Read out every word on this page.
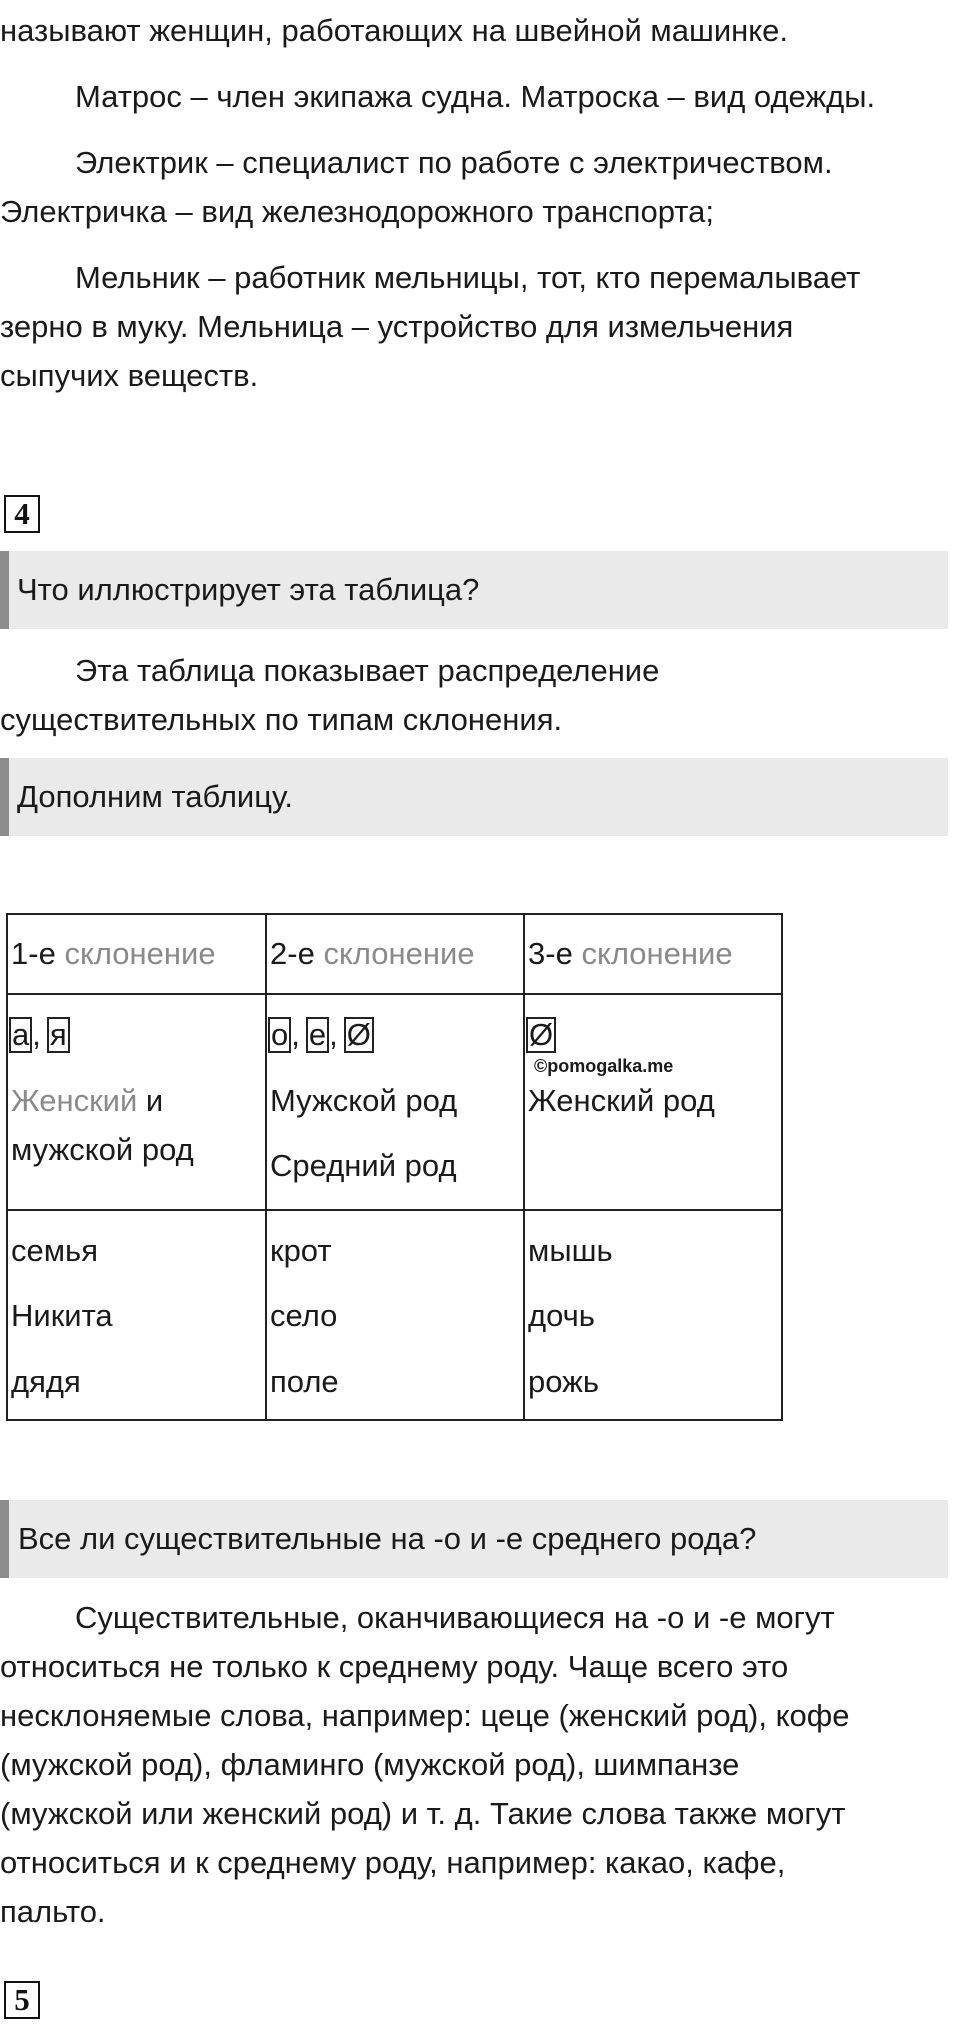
называют женщин, работающих на швейной машинке.
Матрос – член экипажа судна. Матроска – вид одежды.
Электрик – специалист по работе с электричеством.
Электричка – вид железнодорожного транспорта;
Мельник – работник мельницы, тот, кто перемалывает
зерно в муку. Мельница – устройство для измельчения
сыпучих веществ.
4
Что иллюстрирует эта таблица?
Эта таблица показывает распределение
существительных по типам склонения.
Дополним таблицу.
1-е склонение 2-е склонение 3-е склонение
а, я	о, е, Ø	Ø
©pomogalka.me
Женский и
мужской род
Мужской род
Средний род
Женский род
семья
Никита
дядя
крот
село
поле
мышь
дочь
рожь
Все ли существительные на -о и -е среднего рода?
Существительные, оканчивающиеся на -о и -е могут
относиться не только к среднему роду. Чаще всего это
несклоняемые слова, например: цеце (женский род), кофе
(мужской род), фламинго (мужской род), шимпанзе
(мужской или женский род) и т. д. Такие слова также могут
относиться и к среднему роду, например: какао, кафе,
пальто.
5
